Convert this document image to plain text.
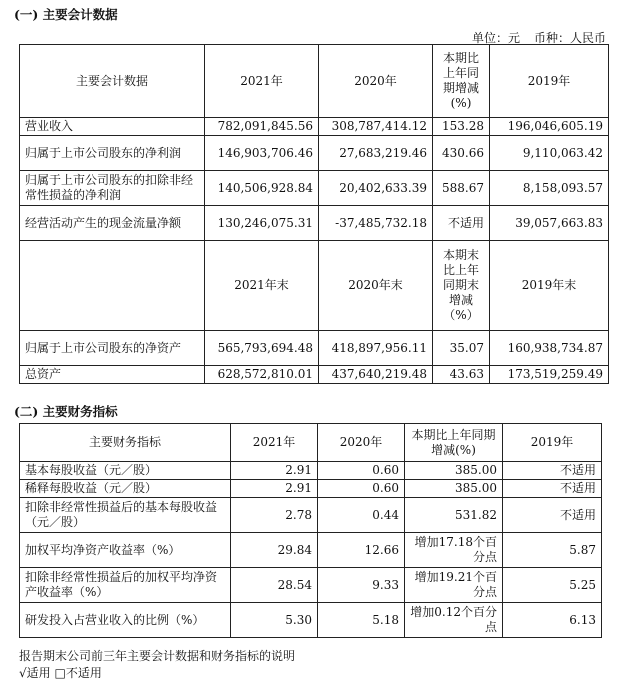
(一) 主要会计数据
单位：元 币种：人民币
主要会计数据	2021年	2020年	本期比上年同期增减(%)	2019年
营业收入	782,091,845.56	308,787,414.12	153.28	196,046,605.19
归属于上市公司股东的净利润	146,903,706.46	27,683,219.46	430.66	9,110,063.42
归属于上市公司股东的扣除非经常性损益的净利润	140,506,928.84	20,402,633.39	588.67	8,158,093.57
经营活动产生的现金流量净额	130,246,075.31	-37,485,732.18	不适用	39,057,663.83
	2021年末	2020年末	本期末比上年同期末增减（%）	2019年末
归属于上市公司股东的净资产	565,793,694.48	418,897,956.11	35.07	160,938,734.87
总资产	628,572,810.01	437,640,219.48	43.63	173,519,259.49
(二) 主要财务指标
主要财务指标	2021年	2020年	本期比上年同期增减(%)	2019年
基本每股收益（元／股）	2.91	0.60	385.00	不适用
稀释每股收益（元／股）	2.91	0.60	385.00	不适用
扣除非经常性损益后的基本每股收益（元／股）	2.78	0.44	531.82	不适用
加权平均净资产收益率（%）	29.84	12.66	增加17.18个百分点	5.87
扣除非经常性损益后的加权平均净资产收益率（%）	28.54	9.33	增加19.21个百分点	5.25
研发投入占营业收入的比例（%）	5.30	5.18	增加0.12个百分点	6.13
报告期末公司前三年主要会计数据和财务指标的说明
√适用 □不适用
